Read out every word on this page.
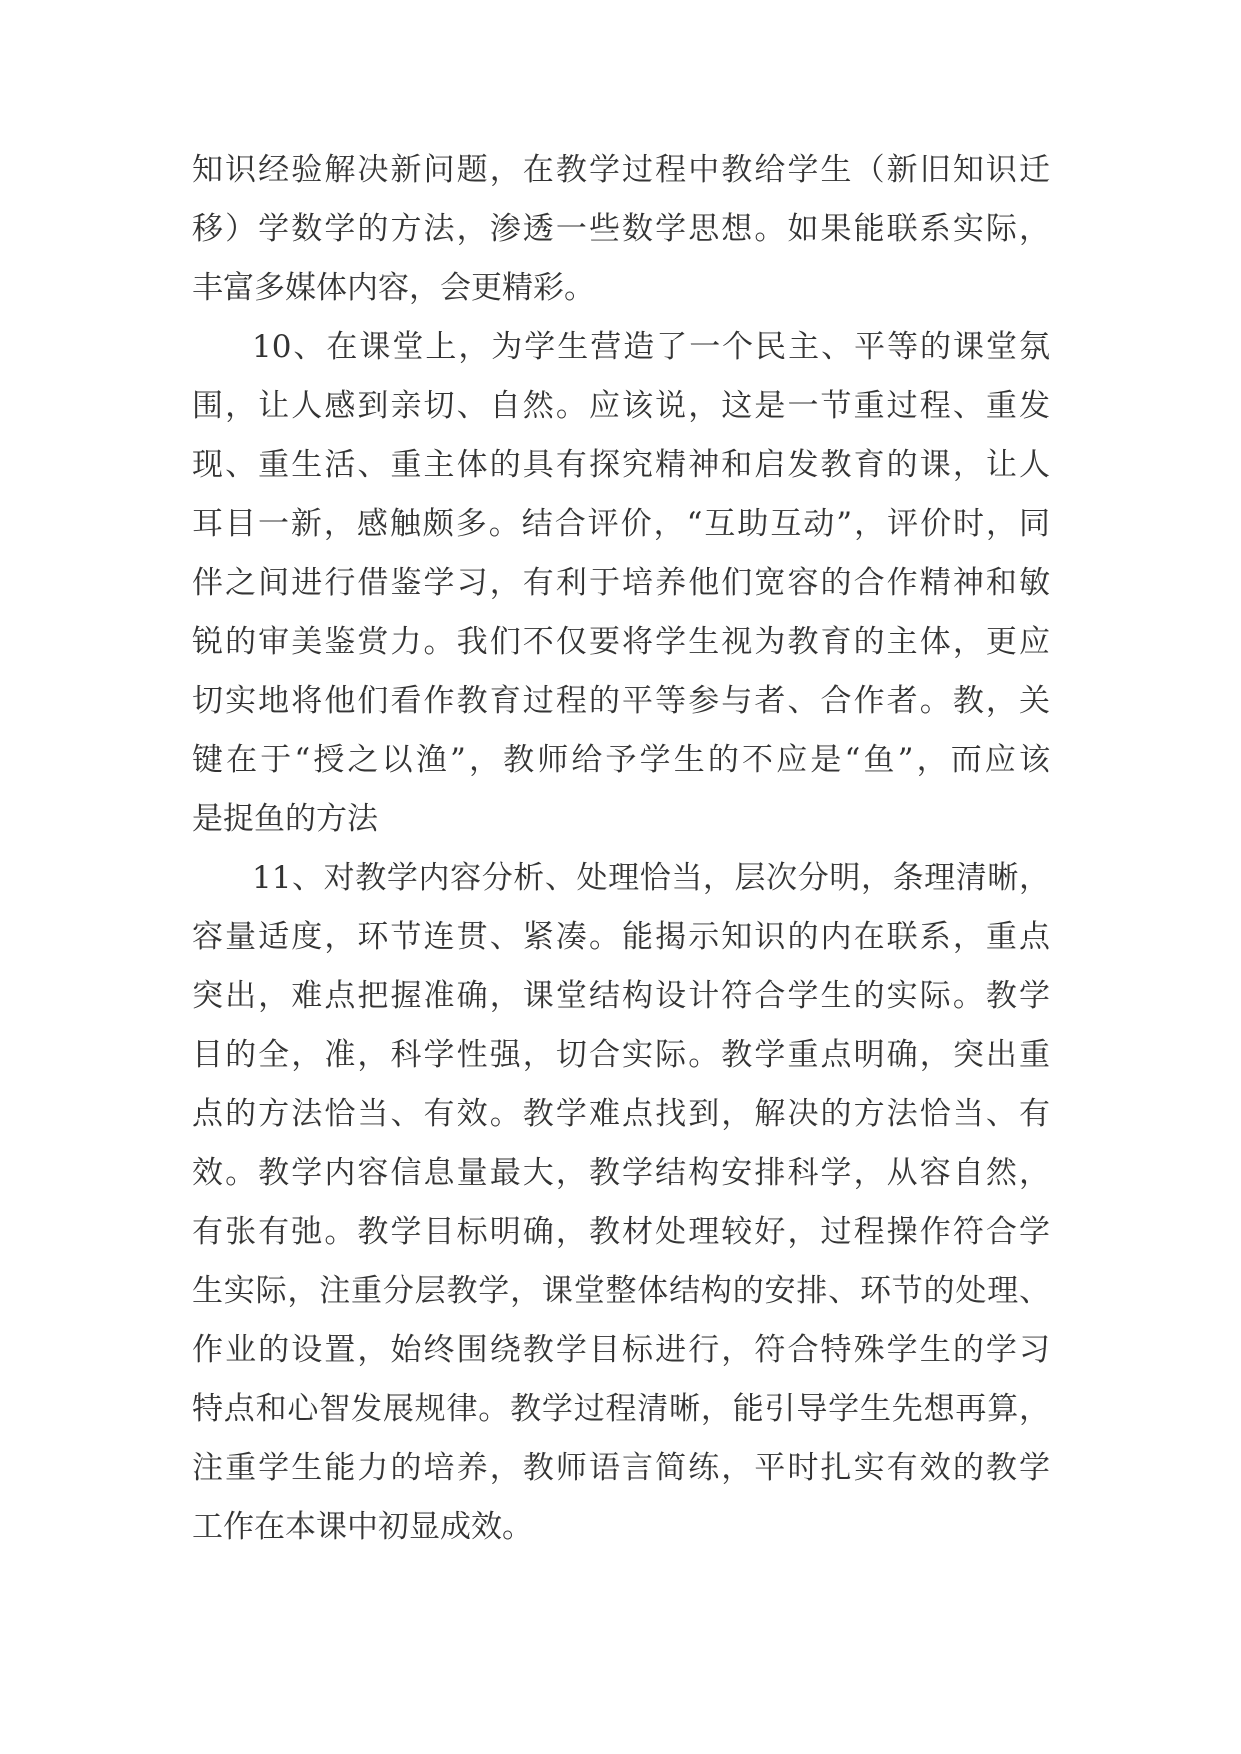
知识经验解决新问题，在教学过程中教给学生（新旧知识迁
移）学数学的方法，渗透一些数学思想。如果能联系实际，
丰富多媒体内容，会更精彩。
10、在课堂上，为学生营造了一个民主、平等的课堂氛
围，让人感到亲切、自然。应该说，这是一节重过程、重发
现、重生活、重主体的具有探究精神和启发教育的课，让人
耳目一新，感触颇多。结合评价，“互助互动”，评价时，同
伴之间进行借鉴学习，有利于培养他们宽容的合作精神和敏
锐的审美鉴赏力。我们不仅要将学生视为教育的主体，更应
切实地将他们看作教育过程的平等参与者、合作者。教，关
键在于“授之以渔”，教师给予学生的不应是“鱼”，而应该
是捉鱼的方法
11、对教学内容分析、处理恰当，层次分明，条理清晰，
容量适度，环节连贯、紧凑。能揭示知识的内在联系，重点
突出，难点把握准确，课堂结构设计符合学生的实际。教学
目的全，准，科学性强，切合实际。教学重点明确，突出重
点的方法恰当、有效。教学难点找到，解决的方法恰当、有
效。教学内容信息量最大，教学结构安排科学，从容自然，
有张有弛。教学目标明确，教材处理较好，过程操作符合学
生实际，注重分层教学，课堂整体结构的安排、环节的处理、
作业的设置，始终围绕教学目标进行，符合特殊学生的学习
特点和心智发展规律。教学过程清晰，能引导学生先想再算，
注重学生能力的培养，教师语言简练，平时扎实有效的教学
工作在本课中初显成效。
